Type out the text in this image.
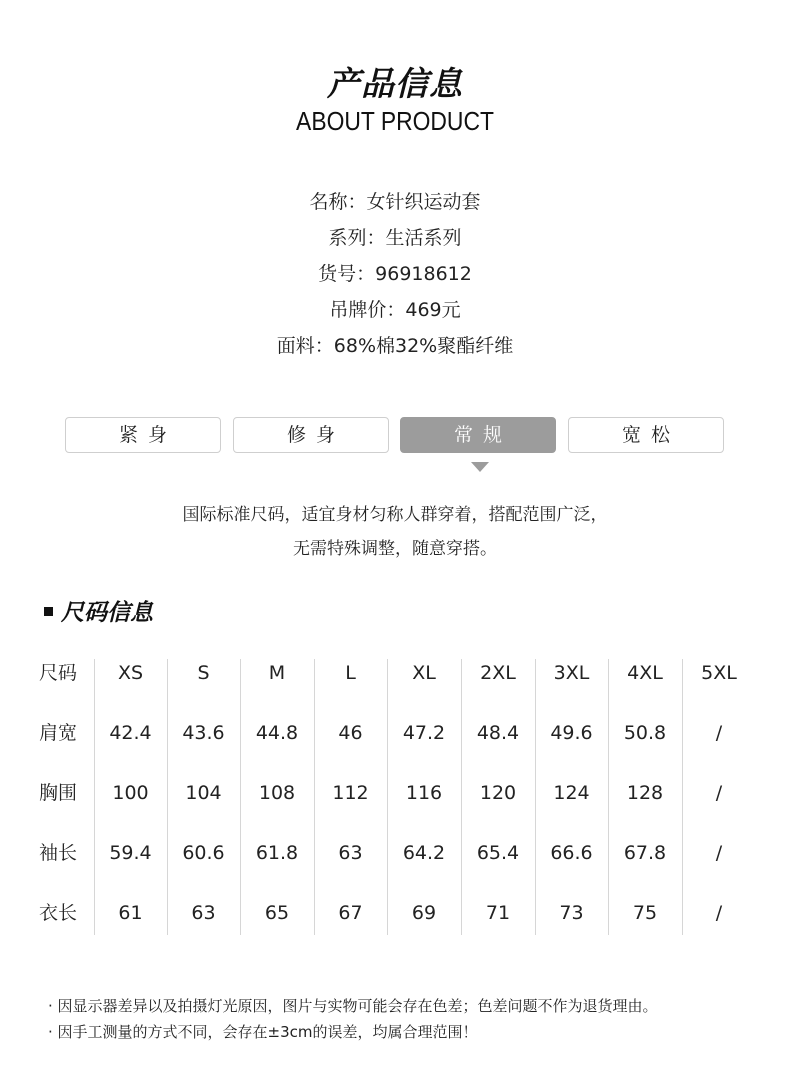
产品信息
ABOUT PRODUCT
名称：女针织运动套
系列：生活系列
货号：96918612
吊牌价：469元
面料：68%棉32%聚酯纤维
紧身	修身	常规	宽松
国际标准尺码，适宜身材匀称人群穿着，搭配范围广泛，
无需特殊调整，随意穿搭。
尺码信息
尺码	XS	S	M	L	XL	2XL	3XL	4XL	5XL
肩宽	42.4	43.6	44.8	46	47.2	48.4	49.6	50.8	/
胸围	100	104	108	112	116	120	124	128	/
袖长	59.4	60.6	61.8	63	64.2	65.4	66.6	67.8	/
衣长	61	63	65	67	69	71	73	75	/
· 因显示器差异以及拍摄灯光原因，图片与实物可能会存在色差；色差问题不作为退货理由。
· 因手工测量的方式不同，会存在±3cm的误差，均属合理范围！
